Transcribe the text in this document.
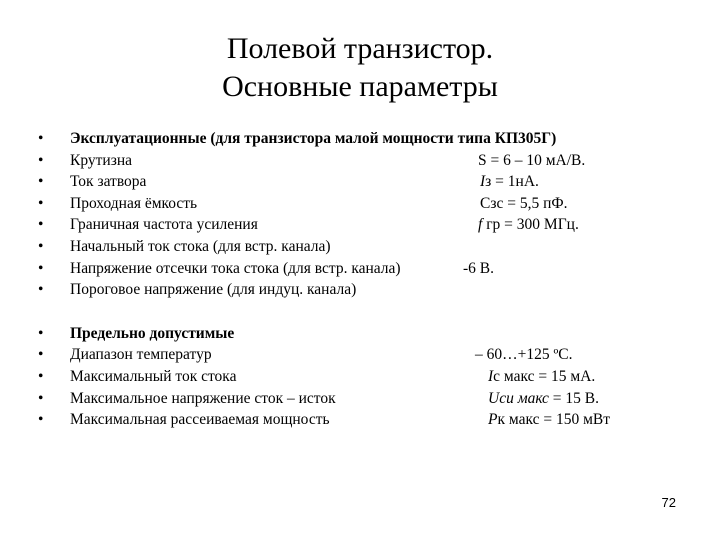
Полевой транзистор.
Основные параметры
• Эксплуатационные (для транзистора малой мощности типа КП305Г)
• Крутизна	S = 6 – 10 мА/В.
• Ток затвора	Iз = 1нА.
• Проходная ёмкость	Cзс = 5,5 пФ.
• Граничная частота усиления	f гр = 300 МГц.
• Начальный ток стока (для встр. канала)
• Напряжение отсечки тока стока (для встр. канала)	-6 В.
• Пороговое напряжение (для индуц. канала)
• Предельно допустимые
• Диапазон температур	– 60…+125 ºС.
• Максимальный ток стока	Iс макс = 15 мА.
• Максимальное напряжение сток – исток	Uси макс = 15 В.
• Максимальная рассеиваемая мощность	Pк макс = 150 мВт
72
